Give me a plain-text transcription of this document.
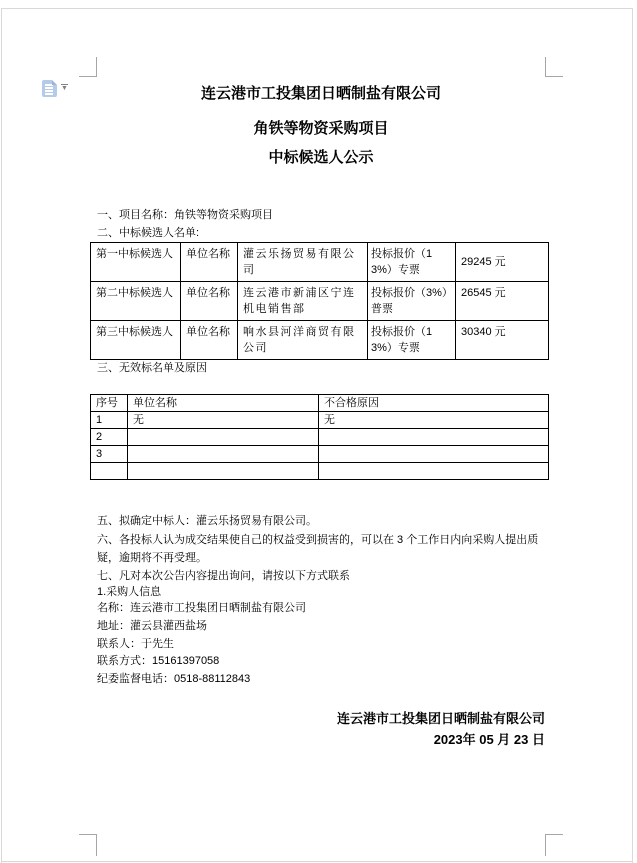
▼	连云港市工投集团日晒制盐有限公司
角铁等物资采购项目
中标候选人公示
一、项目名称：角铁等物资采购项目
二、中标候选人名单:
第一中标候选人	单位名称	灌云乐扬贸易有限公司	投标报价（13%）专票	29245 元
第二中标候选人	单位名称	连云港市新浦区宁连机电销售部	投标报价（3%）普票	26545 元
第三中标候选人	单位名称	响水县河洋商贸有限公司	投标报价（13%）专票	30340 元
三、无效标名单及原因
序号	单位名称	不合格原因
1	无	无
2		
3		

五、拟确定中标人：灌云乐扬贸易有限公司。
六、各投标人认为成交结果使自己的权益受到损害的，可以在 3 个工作日内向采购人提出质疑，逾期将不再受理。
七、凡对本次公告内容提出询问，请按以下方式联系
1.采购人信息
名称：连云港市工投集团日晒制盐有限公司
地址：灌云县灌西盐场
联系人：于先生
联系方式：15161397058
纪委监督电话：0518-88112843
连云港市工投集团日晒制盐有限公司
2023年 05 月 23 日
